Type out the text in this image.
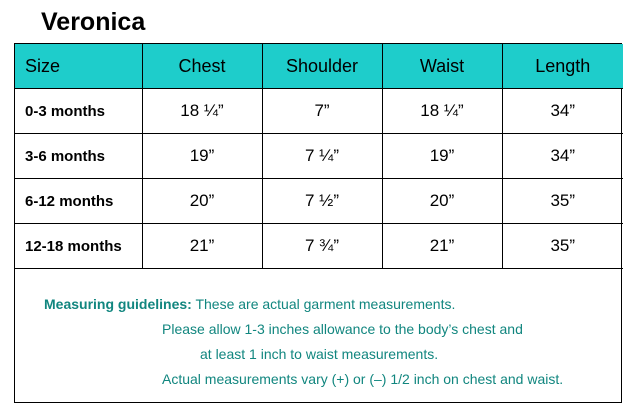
Veronica
Size	Chest	Shoulder	Waist	Length
0-3 months	18 ¼”	7”	18 ¼”	34”
3-6 months	19”	7 ¼”	19”	34”
6-12 months	20”	7 ½”	20”	35”
12-18 months	21”	7 ¾”	21”	35”
Measuring guidelines: These are actual garment measurements.
Please allow 1-3 inches allowance to the body’s chest and
at least 1 inch to waist measurements.
Actual measurements vary (+) or (–) 1/2 inch on chest and waist.
